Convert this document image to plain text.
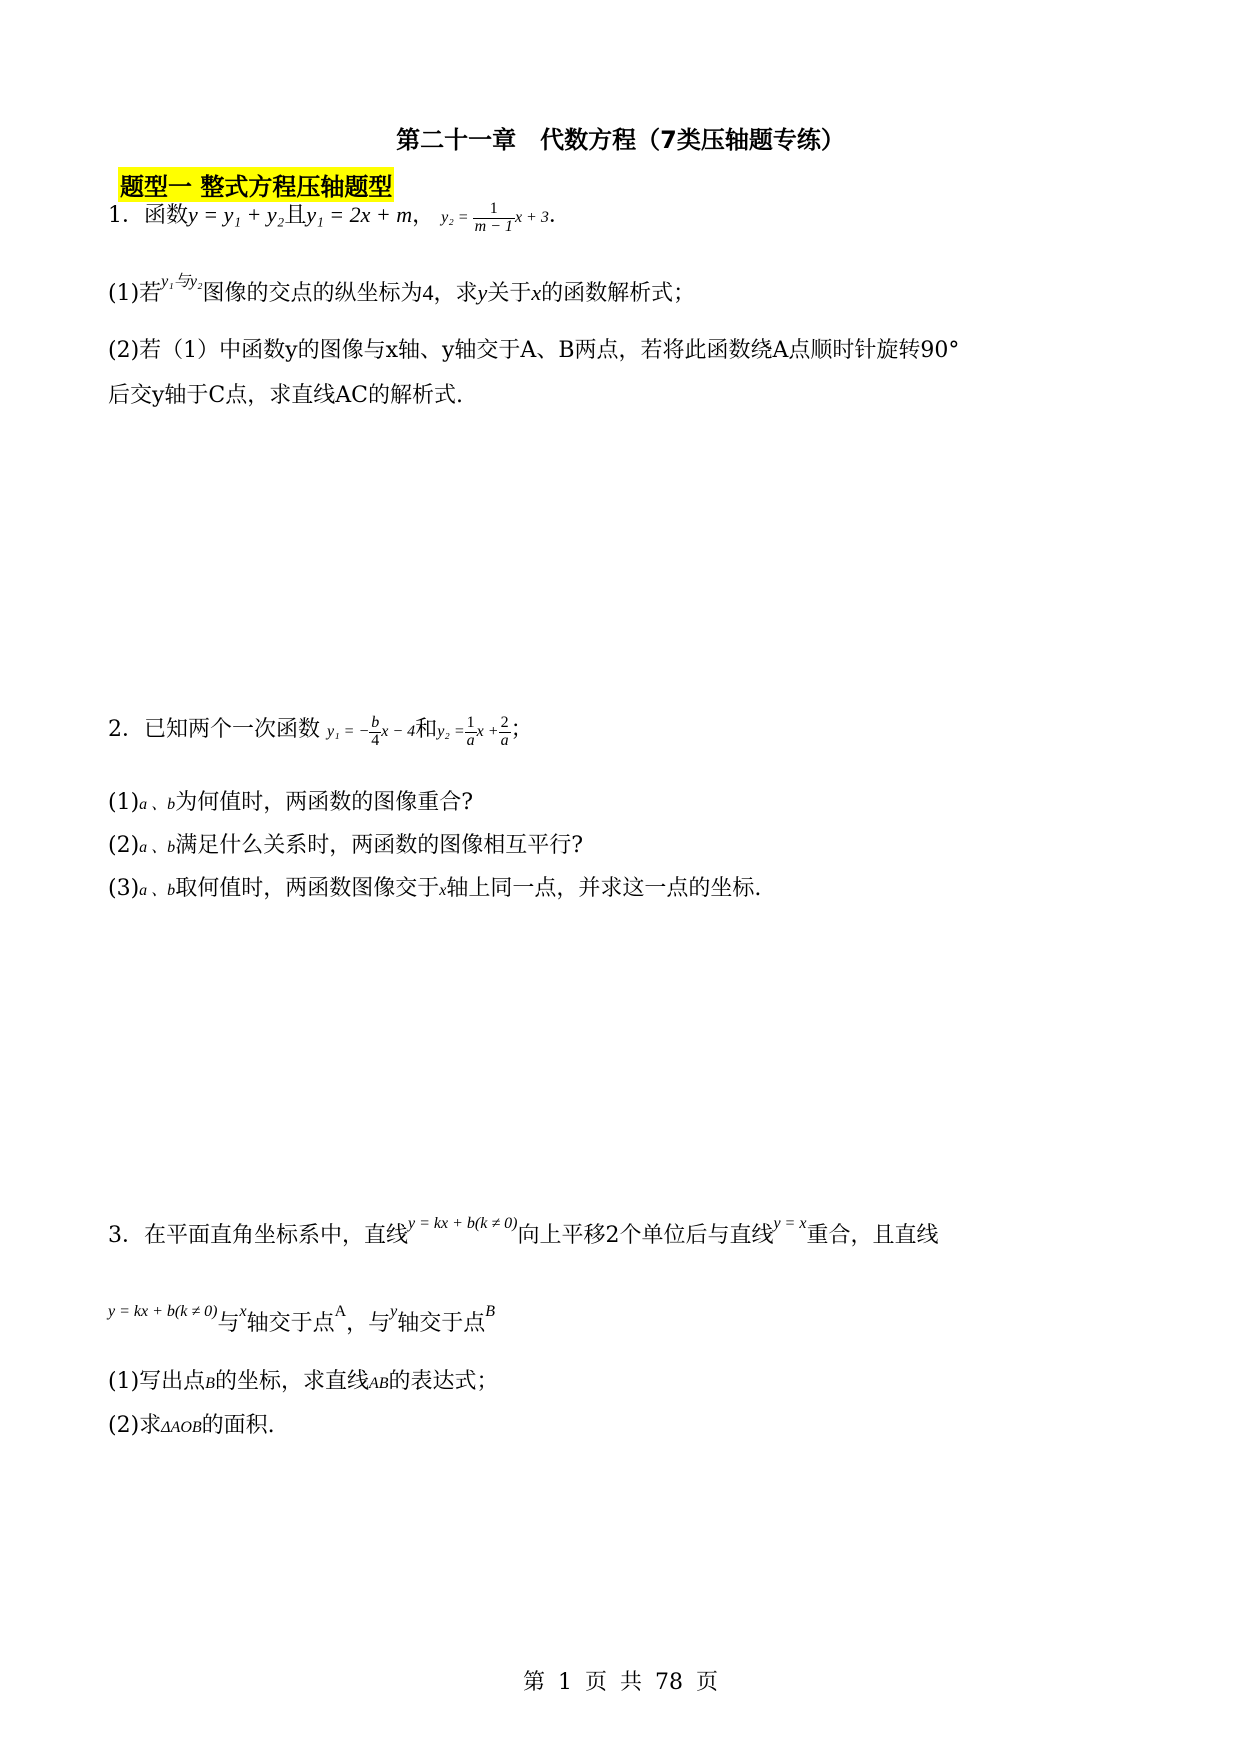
第二十一章　代数方程（7类压轴题专练）
题型一 整式方程压轴题型
1．函数y = y₁ + y₂且y₁ = 2x + m， $y_2 = \frac{1}{m - 1}$ x + 3．
(1)若$^{y_1与y_2}$图像的交点的纵坐标为4，求y关于x的函数解析式；
(2)若（1）中函数y的图像与x轴、y轴交于A、B两点，若将此函数绕A点顺时针旋转90°
后交y轴于C点，求直线AC的解析式.
2．已知两个一次函数 y₁ = − $\frac{b}{4}$ x − 4和$y_2 = \frac{1}{a}$ $x + \frac{2}{a}$ ；
(1)a 、b为何值时，两函数的图像重合?
(2)a 、b满足什么关系时，两函数的图像相互平行?
(3)a 、b取何值时，两函数图像交于x轴上同一点，并求这一点的坐标.
3．在平面直角坐标系中，直线$^{y = kx + b(k \ne 0)}$向上平移2个单位后与直线$^{y = x}$重合，且直线
$^{y = kx + b(k \ne 0)}$与$^x$轴交于点$^A$，与$^y$轴交于点$^B$
(1)写出点B的坐标，求直线AB的表达式；
(2)求ΔAOB的面积.
第 1 页 共 78 页
